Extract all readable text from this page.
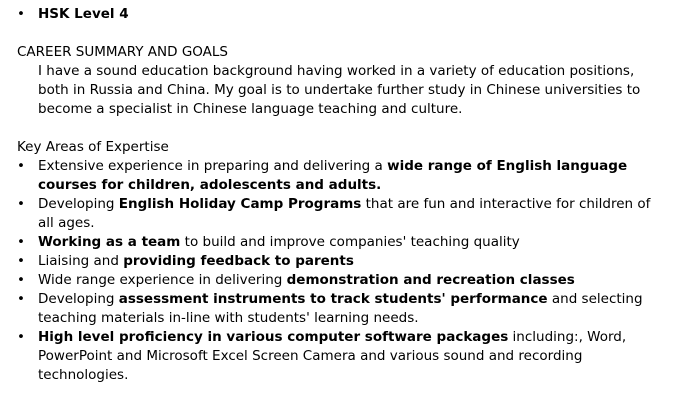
• HSK Level 4
CAREER SUMMARY AND GOALS
I have a sound education background having worked in a variety of education positions, both in Russia and China. My goal is to undertake further study in Chinese universities to become a specialist in Chinese language teaching and culture.
Key Areas of Expertise
• Extensive experience in preparing and delivering a wide range of English language courses for children, adolescents and adults.
• Developing English Holiday Camp Programs that are fun and interactive for children of all ages.
• Working as a team to build and improve companies' teaching quality
• Liaising and providing feedback to parents
• Wide range experience in delivering demonstration and recreation classes
• Developing assessment instruments to track students' performance and selecting teaching materials in-line with students' learning needs.
• High level proficiency in various computer software packages including:, Word, PowerPoint and Microsoft Excel Screen Camera and various sound and recording technologies.
